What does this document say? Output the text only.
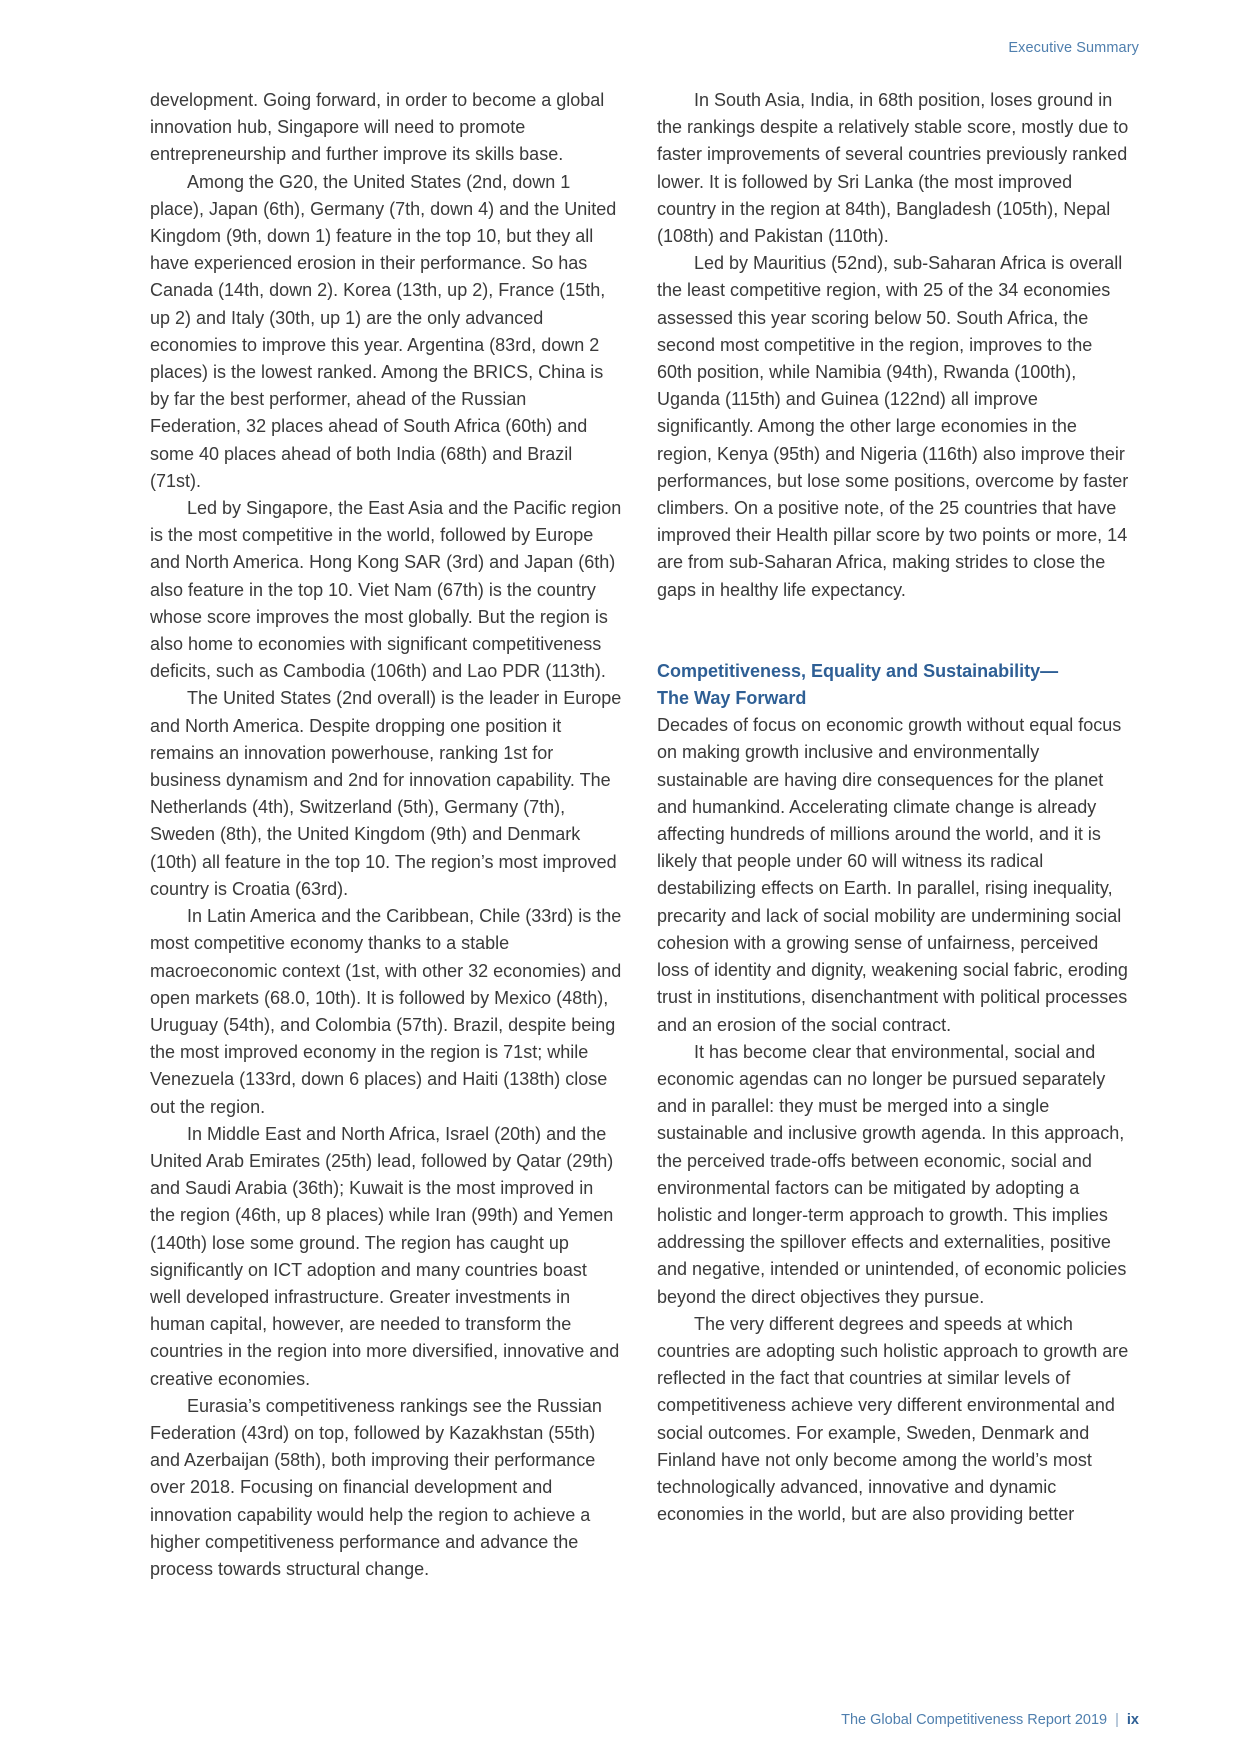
Executive Summary

development. Going forward, in order to become a global innovation hub, Singapore will need to promote entrepreneurship and further improve its skills base.

Among the G20, the United States (2nd, down 1 place), Japan (6th), Germany (7th, down 4) and the United Kingdom (9th, down 1) feature in the top 10, but they all have experienced erosion in their performance. So has Canada (14th, down 2). Korea (13th, up 2), France (15th, up 2) and Italy (30th, up 1) are the only advanced economies to improve this year. Argentina (83rd, down 2 places) is the lowest ranked. Among the BRICS, China is by far the best performer, ahead of the Russian Federation, 32 places ahead of South Africa (60th) and some 40 places ahead of both India (68th) and Brazil (71st).

Led by Singapore, the East Asia and the Pacific region is the most competitive in the world, followed by Europe and North America. Hong Kong SAR (3rd) and Japan (6th) also feature in the top 10. Viet Nam (67th) is the country whose score improves the most globally. But the region is also home to economies with significant competitiveness deficits, such as Cambodia (106th) and Lao PDR (113th).

The United States (2nd overall) is the leader in Europe and North America. Despite dropping one position it remains an innovation powerhouse, ranking 1st for business dynamism and 2nd for innovation capability. The Netherlands (4th), Switzerland (5th), Germany (7th), Sweden (8th), the United Kingdom (9th) and Denmark (10th) all feature in the top 10. The region’s most improved country is Croatia (63rd).

In Latin America and the Caribbean, Chile (33rd) is the most competitive economy thanks to a stable macroeconomic context (1st, with other 32 economies) and open markets (68.0, 10th). It is followed by Mexico (48th), Uruguay (54th), and Colombia (57th). Brazil, despite being the most improved economy in the region is 71st; while Venezuela (133rd, down 6 places) and Haiti (138th) close out the region.

In Middle East and North Africa, Israel (20th) and the United Arab Emirates (25th) lead, followed by Qatar (29th) and Saudi Arabia (36th); Kuwait is the most improved in the region (46th, up 8 places) while Iran (99th) and Yemen (140th) lose some ground. The region has caught up significantly on ICT adoption and many countries boast well developed infrastructure. Greater investments in human capital, however, are needed to transform the countries in the region into more diversified, innovative and creative economies.

Eurasia’s competitiveness rankings see the Russian Federation (43rd) on top, followed by Kazakhstan (55th) and Azerbaijan (58th), both improving their performance over 2018. Focusing on financial development and innovation capability would help the region to achieve a higher competitiveness performance and advance the process towards structural change.

In South Asia, India, in 68th position, loses ground in the rankings despite a relatively stable score, mostly due to faster improvements of several countries previously ranked lower. It is followed by Sri Lanka (the most improved country in the region at 84th), Bangladesh (105th), Nepal (108th) and Pakistan (110th).

Led by Mauritius (52nd), sub-Saharan Africa is overall the least competitive region, with 25 of the 34 economies assessed this year scoring below 50. South Africa, the second most competitive in the region, improves to the 60th position, while Namibia (94th), Rwanda (100th), Uganda (115th) and Guinea (122nd) all improve significantly. Among the other large economies in the region, Kenya (95th) and Nigeria (116th) also improve their performances, but lose some positions, overcome by faster climbers. On a positive note, of the 25 countries that have improved their Health pillar score by two points or more, 14 are from sub-Saharan Africa, making strides to close the gaps in healthy life expectancy.

Competitiveness, Equality and Sustainability—
The Way Forward

Decades of focus on economic growth without equal focus on making growth inclusive and environmentally sustainable are having dire consequences for the planet and humankind. Accelerating climate change is already affecting hundreds of millions around the world, and it is likely that people under 60 will witness its radical destabilizing effects on Earth. In parallel, rising inequality, precarity and lack of social mobility are undermining social cohesion with a growing sense of unfairness, perceived loss of identity and dignity, weakening social fabric, eroding trust in institutions, disenchantment with political processes and an erosion of the social contract.

It has become clear that environmental, social and economic agendas can no longer be pursued separately and in parallel: they must be merged into a single sustainable and inclusive growth agenda. In this approach, the perceived trade-offs between economic, social and environmental factors can be mitigated by adopting a holistic and longer-term approach to growth. This implies addressing the spillover effects and externalities, positive and negative, intended or unintended, of economic policies beyond the direct objectives they pursue.

The very different degrees and speeds at which countries are adopting such holistic approach to growth are reflected in the fact that countries at similar levels of competitiveness achieve very different environmental and social outcomes. For example, Sweden, Denmark and Finland have not only become among the world’s most technologically advanced, innovative and dynamic economies in the world, but are also providing better

The Global Competitiveness Report 2019 | ix
